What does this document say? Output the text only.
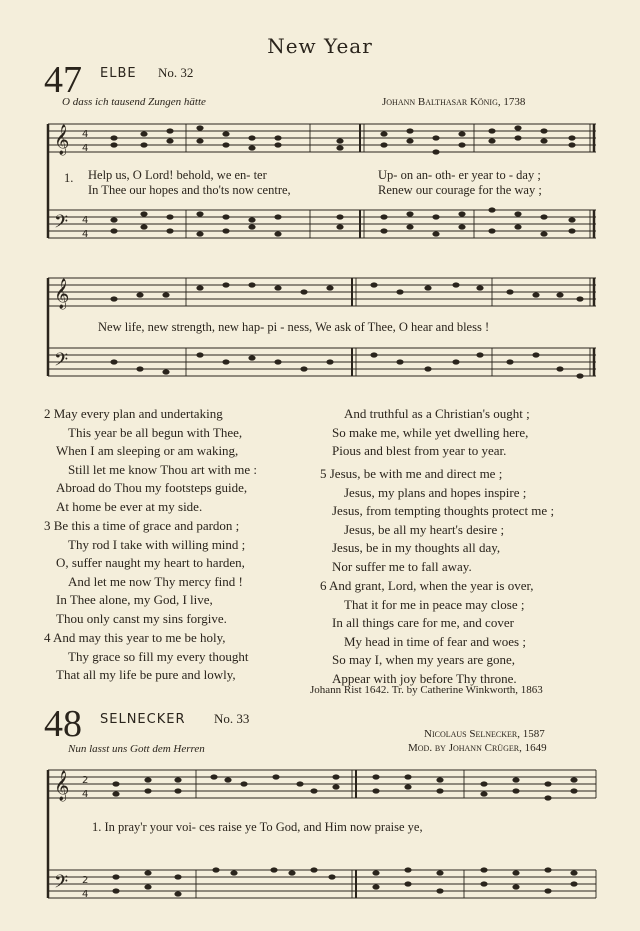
New Year
47 ELBE No. 32
O dass ich tausend Zungen hätte	Johann Balthasar König, 1738
𝄞
𝄢
4
4
4
4
1. Help us, O Lord! behold, we en- ter	Up- on an- oth- er year to - day ;
In Thee our hopes and tho'ts now centre,	Renew our courage for the way ;
𝄞
𝄢
New life, new strength, new hap- pi - ness, We ask of Thee, O hear and bless !
2 May every plan and undertaking
This year be all begun with Thee,
When I am sleeping or am waking,
Still let me know Thou art with me :
Abroad do Thou my footsteps guide,
At home be ever at my side.
3 Be this a time of grace and pardon ;
Thy rod I take with willing mind ;
O, suffer naught my heart to harden,
And let me now Thy mercy find !
In Thee alone, my God, I live,
Thou only canst my sins forgive.
4 And may this year to me be holy,
Thy grace so fill my every thought
That all my life be pure and lowly,
And truthful as a Christian's ought ;
So make me, while yet dwelling here,
Pious and blest from year to year.
5 Jesus, be with me and direct me ;
Jesus, my plans and hopes inspire ;
Jesus, from tempting thoughts protect me ;
Jesus, be all my heart's desire ;
Jesus, be in my thoughts all day,
Nor suffer me to fall away.
6 And grant, Lord, when the year is over,
That it for me in peace may close ;
In all things care for me, and cover
My head in time of fear and woes ;
So may I, when my years are gone,
Appear with joy before Thy throne.
Johann Rist 1642. Tr. by Catherine Winkworth, 1863
48 SELNECKER No. 33
Nicolaus Selnecker, 1587
Nun lasst uns Gott dem Herren	Mod. by Johann Crüger, 1649
𝄞
𝄢
2
4
2
4
1. In pray'r your voi- ces raise ye To God, and Him now praise ye,
